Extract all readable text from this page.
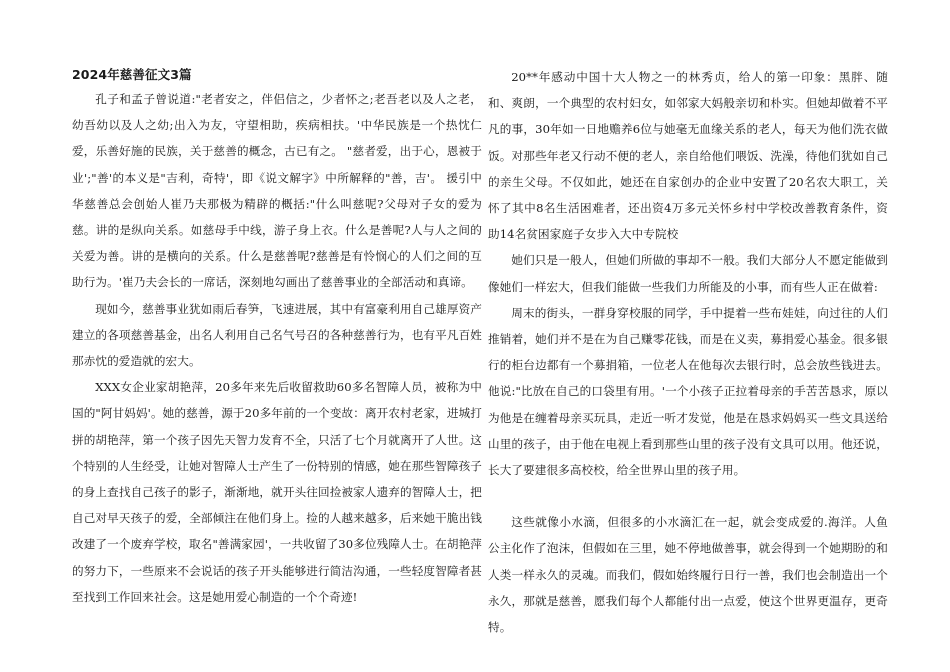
2024年慈善征文3篇

孔子和孟子曾说道:"老者安之，伴侣信之，少者怀之;老吾老以及人之老，幼吾幼以及人之幼;出入为友，守望相助，疾病相扶。'中华民族是一个热忱仁爱，乐善好施的民族，关于慈善的概念，古已有之。 "慈者爱，出于心，恩被于业';"善'的本义是"吉利，奇特'，即《说文解字》中所解释的"善，吉'。 援引中华慈善总会创始人崔乃夫那极为精辟的概括:"什么叫慈呢?父母对子女的爱为慈。讲的是纵向关系。如慈母手中线，游子身上衣。什么是善呢?人与人之间的关爱为善。讲的是横向的关系。什么是慈善呢?慈善是有怜悯心的人们之间的互助行为。'崔乃夫会长的一席话，深刻地勾画出了慈善事业的全部活动和真谛。

现如今，慈善事业犹如雨后春笋，飞速进展，其中有富豪利用自己雄厚资产建立的各项慈善基金，出名人利用自己名气号召的各种慈善行为，也有平凡百姓那赤忱的爱造就的宏大。

XXX女企业家胡艳萍，20多年来先后收留救助60多名智障人员，被称为中国的"阿甘妈妈'。她的慈善，源于20多年前的一个变故：离开农村老家，进城打拼的胡艳萍，第一个孩子因先天智力发育不全，只活了七个月就离开了人世。这个特别的人生经受，让她对智障人士产生了一份特别的情感，她在那些智障孩子的身上查找自己孩子的影子，渐渐地，就开头往回捡被家人遗弃的智障人士，把自己对早天孩子的爱，全部倾注在他们身上。捡的人越来越多，后来她干脆出钱改建了一个废弃学校，取名"善满家园'，一共收留了30多位残障人士。在胡艳萍的努力下，一些原来不会说话的孩子开头能够进行简洁沟通，一些轻度智障者甚至找到工作回来社会。这是她用爱心制造的一个个奇迹!

20**年感动中国十大人物之一的林秀贞，给人的第一印象：黑胖、随和、爽朗，一个典型的农村妇女，如邻家大妈般亲切和朴实。但她却做着不平凡的事，30年如一日地赡养6位与她毫无血缘关系的老人，每天为他们洗衣做饭。对那些年老又行动不便的老人，亲自给他们喂饭、洗澡，待他们犹如自己的亲生父母。不仅如此，她还在自家创办的企业中安置了20名农大职工，关怀了其中8名生活困难者，还出资4万多元关怀乡村中学校改善教育条件，资助14名贫困家庭子女步入大中专院校

她们只是一般人，但她们所做的事却不一般。我们大部分人不愿定能做到像她们一样宏大，但我们能做一些我们力所能及的小事，而有些人正在做着:

周末的街头，一群身穿校服的同学，手中提着一些布娃娃，向过往的人们推销着，她们并不是在为自己赚零花钱，而是在义卖，募捐爱心基金。很多银行的柜台边都有一个募捐箱，一位老人在他每次去银行时，总会放些钱进去。他说:"比放在自己的口袋里有用。'一个小孩子正拉着母亲的手苦苦恳求，原以为他是在缠着母亲买玩具，走近一听才发觉，他是在恳求妈妈买一些文具送给山里的孩子，由于他在电视上看到那些山里的孩子没有文具可以用。他还说，长大了要建很多高校校，给全世界山里的孩子用。

这些就像小水滴，但很多的小水滴汇在一起，就会变成爱的.海洋。人鱼公主化作了泡沫，但假如在三里，她不停地做善事，就会得到一个她期盼的和人类一样永久的灵魂。而我们，假如始终履行日行一善，我们也会制造出一个永久，那就是慈善，愿我们每个人都能付出一点爱，使这个世界更温存，更奇特。
